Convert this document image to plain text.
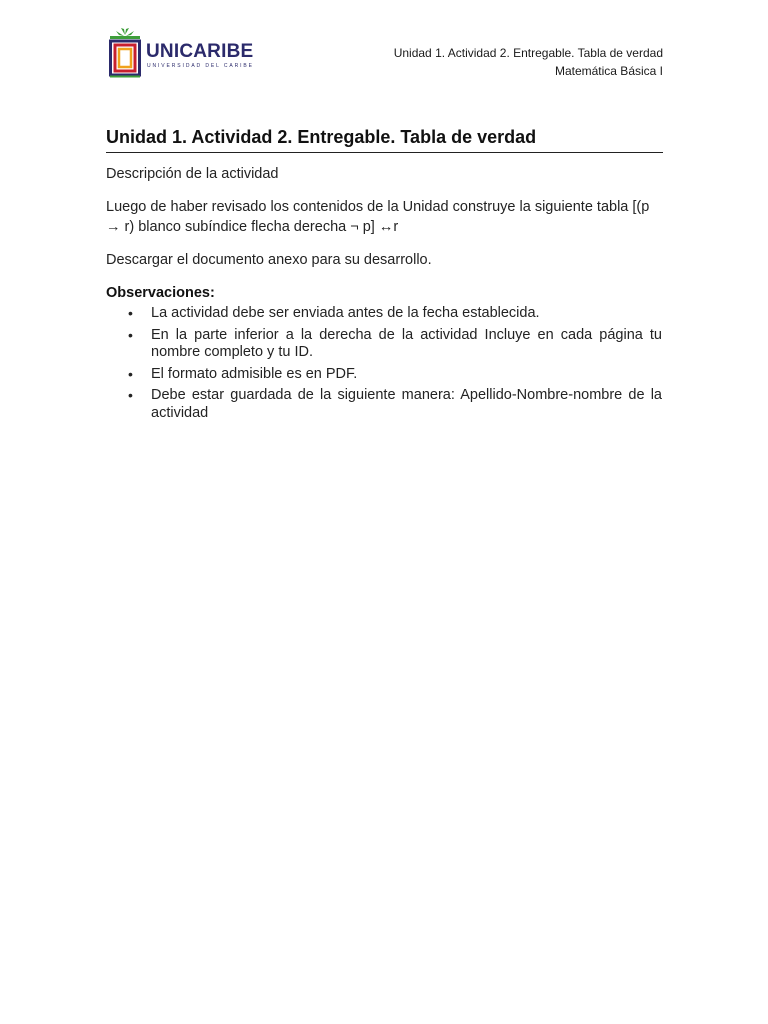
UNICARIBE
UNIVERSIDAD DEL CARIBE
Unidad 1. Actividad 2. Entregable. Tabla de verdad
Matemática Básica I
Unidad 1. Actividad 2. Entregable. Tabla de verdad

Descripción de la actividad

Luego de haber revisado los contenidos de la Unidad construye la siguiente tabla [(p → r) blanco subíndice flecha derecha ¬ p] ↔r

Descargar el documento anexo para su desarrollo.

Observaciones:
• La actividad debe ser enviada antes de la fecha establecida.
• En la parte inferior a la derecha de la actividad Incluye en cada página tu nombre completo y tu ID.
• El formato admisible es en PDF.
• Debe estar guardada de la siguiente manera: Apellido-Nombre-nombre de la actividad
